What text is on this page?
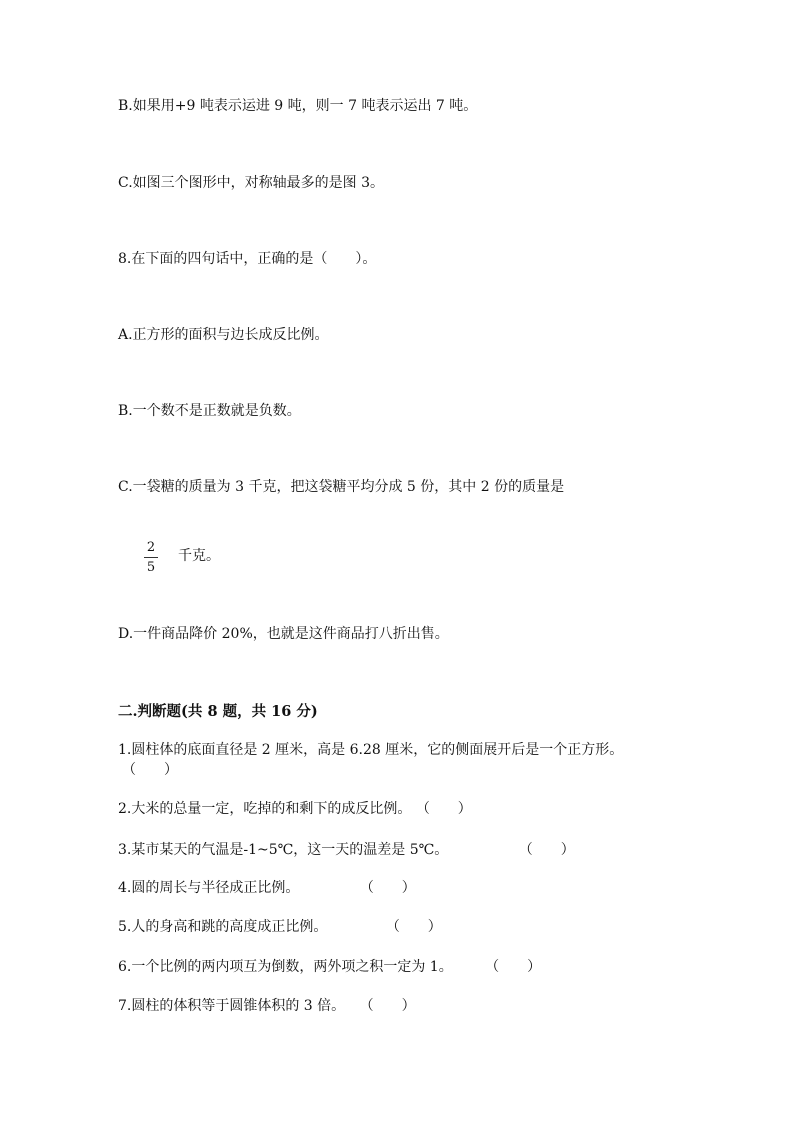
B.如果用+9 吨表示运进 9 吨，则一 7 吨表示运出 7 吨。
C.如图三个图形中，对称轴最多的是图 3。
8.在下面的四句话中，正确的是（　　）。
A.正方形的面积与边长成反比例。
B.一个数不是正数就是负数。
C.一袋糖的质量为 3 千克，把这袋糖平均分成 5 份，其中 2 份的质量是
2
5
千克。
D.一件商品降价 20%，也就是这件商品打八折出售。
二.判断题(共 8 题，共 16 分)
1.圆柱体的底面直径是 2 厘米，高是 6.28 厘米，它的侧面展开后是一个正方形。
（　　）
2.大米的总量一定，吃掉的和剩下的成反比例。 （　　）
3.某市某天的气温是-1~5℃，这一天的温差是 5℃。	（　　）
4.圆的周长与半径成正比例。	（　　）
5.人的身高和跳的高度成正比例。	（　　）
6.一个比例的两内项互为倒数，两外项之积一定为 1。 （　　）
7.圆柱的体积等于圆锥体积的 3 倍。 （　　）
